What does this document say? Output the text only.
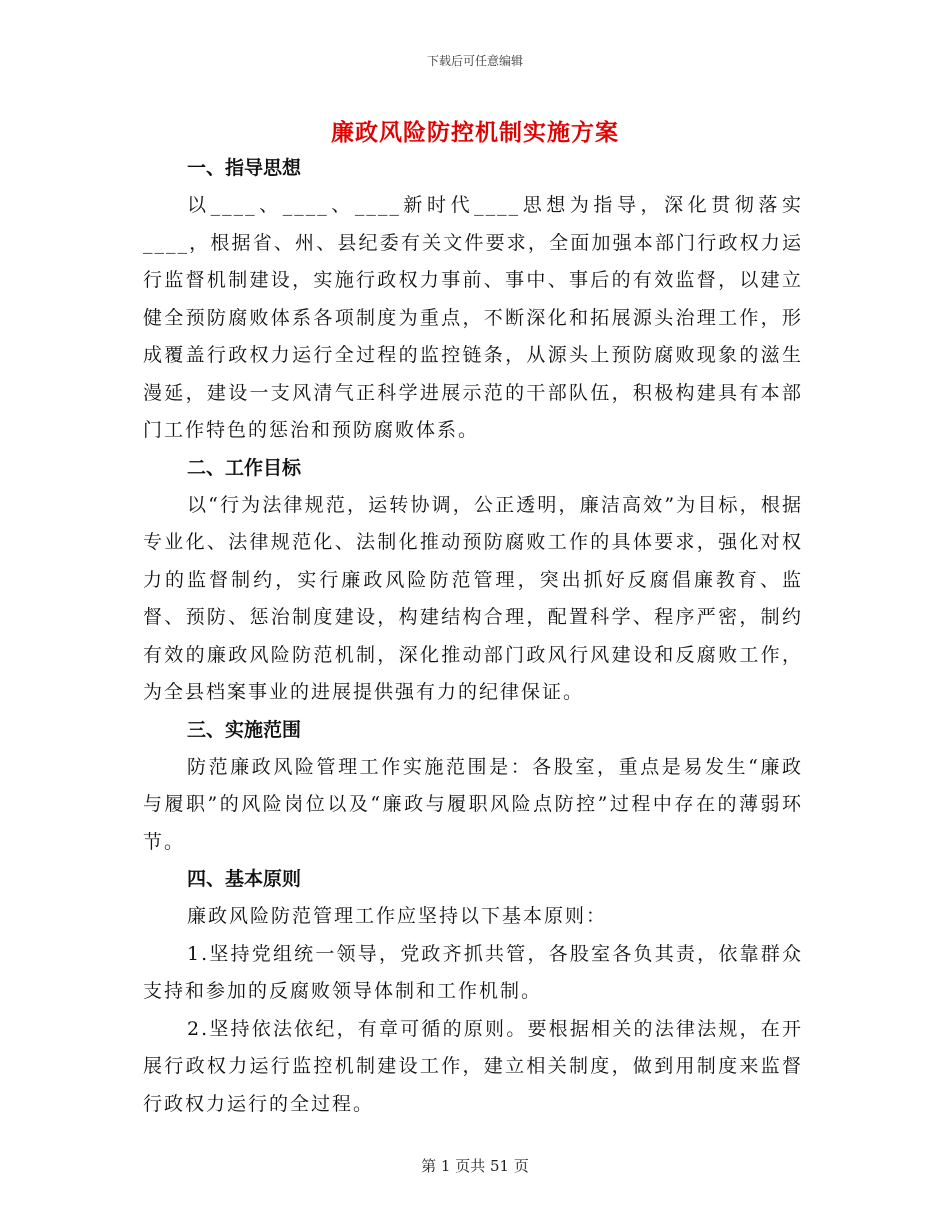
下载后可任意编辑
廉政风险防控机制实施方案
一、指导思想

以____、____、____新时代____思想为指导，深化贯彻落实____，根据省、州、县纪委有关文件要求，全面加强本部门行政权力运行监督机制建设，实施行政权力事前、事中、事后的有效监督，以建立健全预防腐败体系各项制度为重点，不断深化和拓展源头治理工作，形成覆盖行政权力运行全过程的监控链条，从源头上预防腐败现象的滋生漫延，建设一支风清气正科学进展示范的干部队伍，积极构建具有本部门工作特色的惩治和预防腐败体系。

二、工作目标

以“行为法律规范，运转协调，公正透明，廉洁高效”为目标，根据专业化、法律规范化、法制化推动预防腐败工作的具体要求，强化对权力的监督制约，实行廉政风险防范管理，突出抓好反腐倡廉教育、监督、预防、惩治制度建设，构建结构合理，配置科学、程序严密，制约有效的廉政风险防范机制，深化推动部门政风行风建设和反腐败工作，为全县档案事业的进展提供强有力的纪律保证。

三、实施范围

防范廉政风险管理工作实施范围是：各股室，重点是易发生“廉政与履职”的风险岗位以及“廉政与履职风险点防控”过程中存在的薄弱环节。

四、基本原则

廉政风险防范管理工作应坚持以下基本原则：

1.坚持党组统一领导，党政齐抓共管，各股室各负其责，依靠群众支持和参加的反腐败领导体制和工作机制。

2.坚持依法依纪，有章可循的原则。要根据相关的法律法规，在开展行政权力运行监控机制建设工作，建立相关制度，做到用制度来监督行政权力运行的全过程。

第 1 页共 51 页
